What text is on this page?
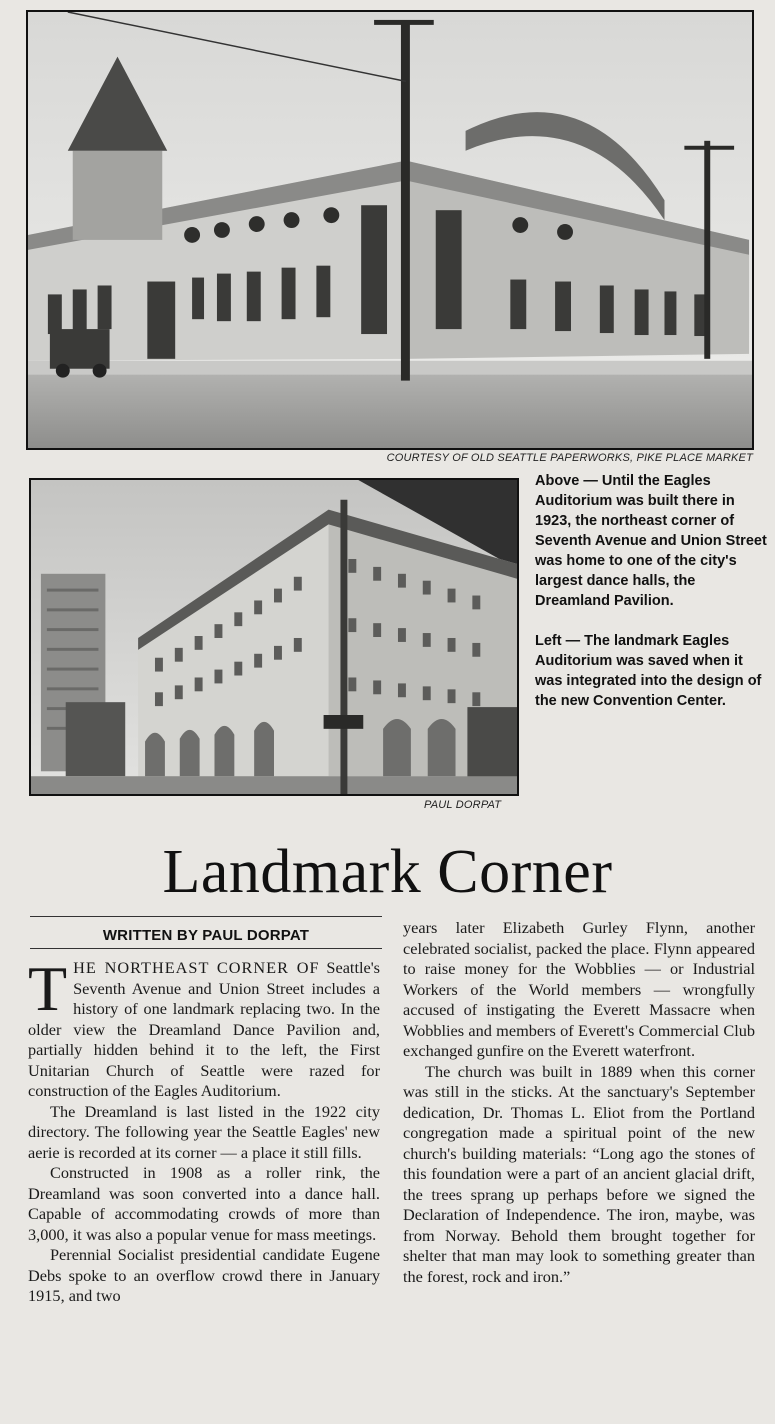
COURTESY OF OLD SEATTLE PAPERWORKS, PIKE PLACE MARKET
PAUL DORPAT

Above — Until the Eagles Auditorium was built there in 1923, the northeast corner of Seventh Avenue and Union Street was home to one of the city's largest dance halls, the Dreamland Pavilion.

Left — The landmark Eagles Auditorium was saved when it was integrated into the design of the new Convention Center.

Landmark Corner
WRITTEN BY PAUL DORPAT

THE NORTHEAST CORNER OF Seattle's Seventh Avenue and Union Street includes a history of one landmark replacing two. In the older view the Dreamland Dance Pavilion and, partially hidden behind it to the left, the First Unitarian Church of Seattle were razed for construction of the Eagles Auditorium.

The Dreamland is last listed in the 1922 city directory. The following year the Seattle Eagles' new aerie is recorded at its corner — a place it still fills.

Constructed in 1908 as a roller rink, the Dreamland was soon converted into a dance hall. Capable of accommodating crowds of more than 3,000, it was also a popular venue for mass meetings.

Perennial Socialist presidential candidate Eugene Debs spoke to an overflow crowd there in January 1915, and two

years later Elizabeth Gurley Flynn, another celebrated socialist, packed the place. Flynn appeared to raise money for the Wobblies — or Industrial Workers of the World members — wrongfully accused of instigating the Everett Massacre when Wobblies and members of Everett's Commercial Club exchanged gunfire on the Everett waterfront.

The church was built in 1889 when this corner was still in the sticks. At the sanctuary's September dedication, Dr. Thomas L. Eliot from the Portland congregation made a spiritual point of the new church's building materials: “Long ago the stones of this foundation were a part of an ancient glacial drift, the trees sprang up perhaps before we signed the Declaration of Independence. The iron, maybe, was from Norway. Behold them brought together for shelter that man may look to something greater than the forest, rock and iron.”
